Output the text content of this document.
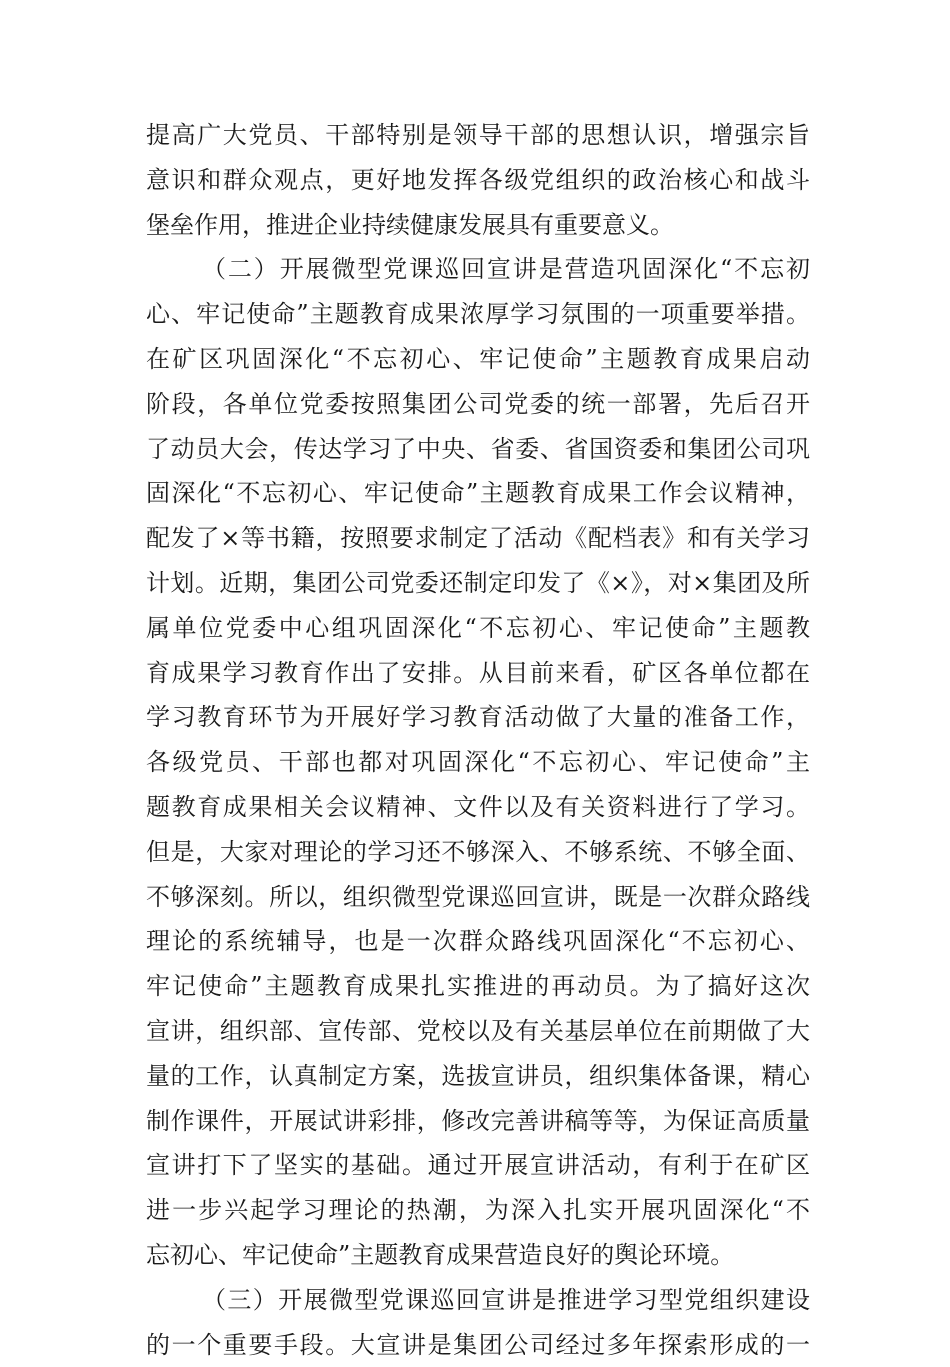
提高广大党员、干部特别是领导干部的思想认识，增强宗旨
意识和群众观点，更好地发挥各级党组织的政治核心和战斗
堡垒作用，推进企业持续健康发展具有重要意义。
（二）开展微型党课巡回宣讲是营造巩固深化“不忘初
心、牢记使命”主题教育成果浓厚学习氛围的一项重要举措。
在矿区巩固深化“不忘初心、牢记使命”主题教育成果启动
阶段，各单位党委按照集团公司党委的统一部署，先后召开
了动员大会，传达学习了中央、省委、省国资委和集团公司巩
固深化“不忘初心、牢记使命”主题教育成果工作会议精神，
配发了×等书籍，按照要求制定了活动《配档表》和有关学习
计划。近期，集团公司党委还制定印发了《×》，对×集团及所
属单位党委中心组巩固深化“不忘初心、牢记使命”主题教
育成果学习教育作出了安排。从目前来看，矿区各单位都在
学习教育环节为开展好学习教育活动做了大量的准备工作，
各级党员、干部也都对巩固深化“不忘初心、牢记使命”主
题教育成果相关会议精神、文件以及有关资料进行了学习。
但是，大家对理论的学习还不够深入、不够系统、不够全面、
不够深刻。所以，组织微型党课巡回宣讲，既是一次群众路线
理论的系统辅导，也是一次群众路线巩固深化“不忘初心、
牢记使命”主题教育成果扎实推进的再动员。为了搞好这次
宣讲，组织部、宣传部、党校以及有关基层单位在前期做了大
量的工作，认真制定方案，选拔宣讲员，组织集体备课，精心
制作课件，开展试讲彩排，修改完善讲稿等等，为保证高质量
宣讲打下了坚实的基础。通过开展宣讲活动，有利于在矿区
进一步兴起学习理论的热潮，为深入扎实开展巩固深化“不
忘初心、牢记使命”主题教育成果营造良好的舆论环境。
（三）开展微型党课巡回宣讲是推进学习型党组织建设
的一个重要手段。大宣讲是集团公司经过多年探索形成的一
